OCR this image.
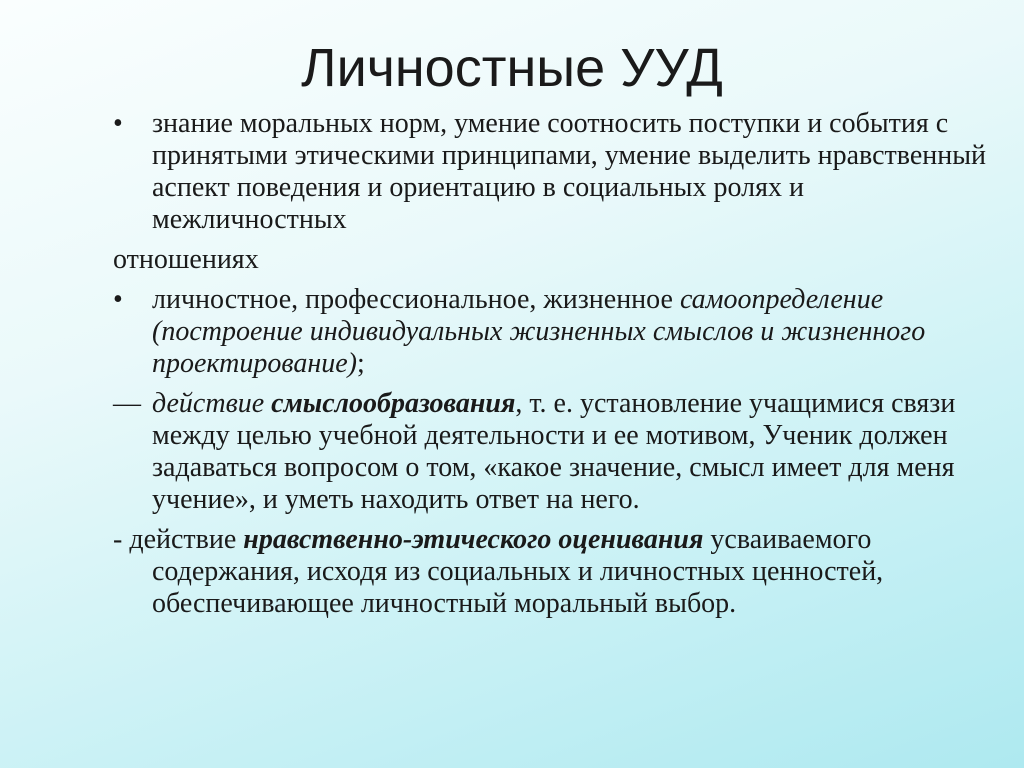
Личностные УУД

• знание моральных норм, умение соотносить поступки и события с принятыми этическими принципами, умение выделить нравственный аспект поведения и ориентацию в социальных ролях и межличностных

отношениях

• личностное, профессиональное, жизненное самоопределение (построение индивидуальных жизненных смыслов и жизненного проектирование);

— действие смыслообразования, т. е. установление учащимися связи между целью учебной деятельности и ее мотивом, Ученик должен задаваться вопросом о том, «какое значение, смысл имеет для меня учение», и уметь находить ответ на него.

- действие нравственно-этического оценивания усваиваемого содержания, исходя из социальных и личностных ценностей, обеспечивающее личностный моральный выбор.
